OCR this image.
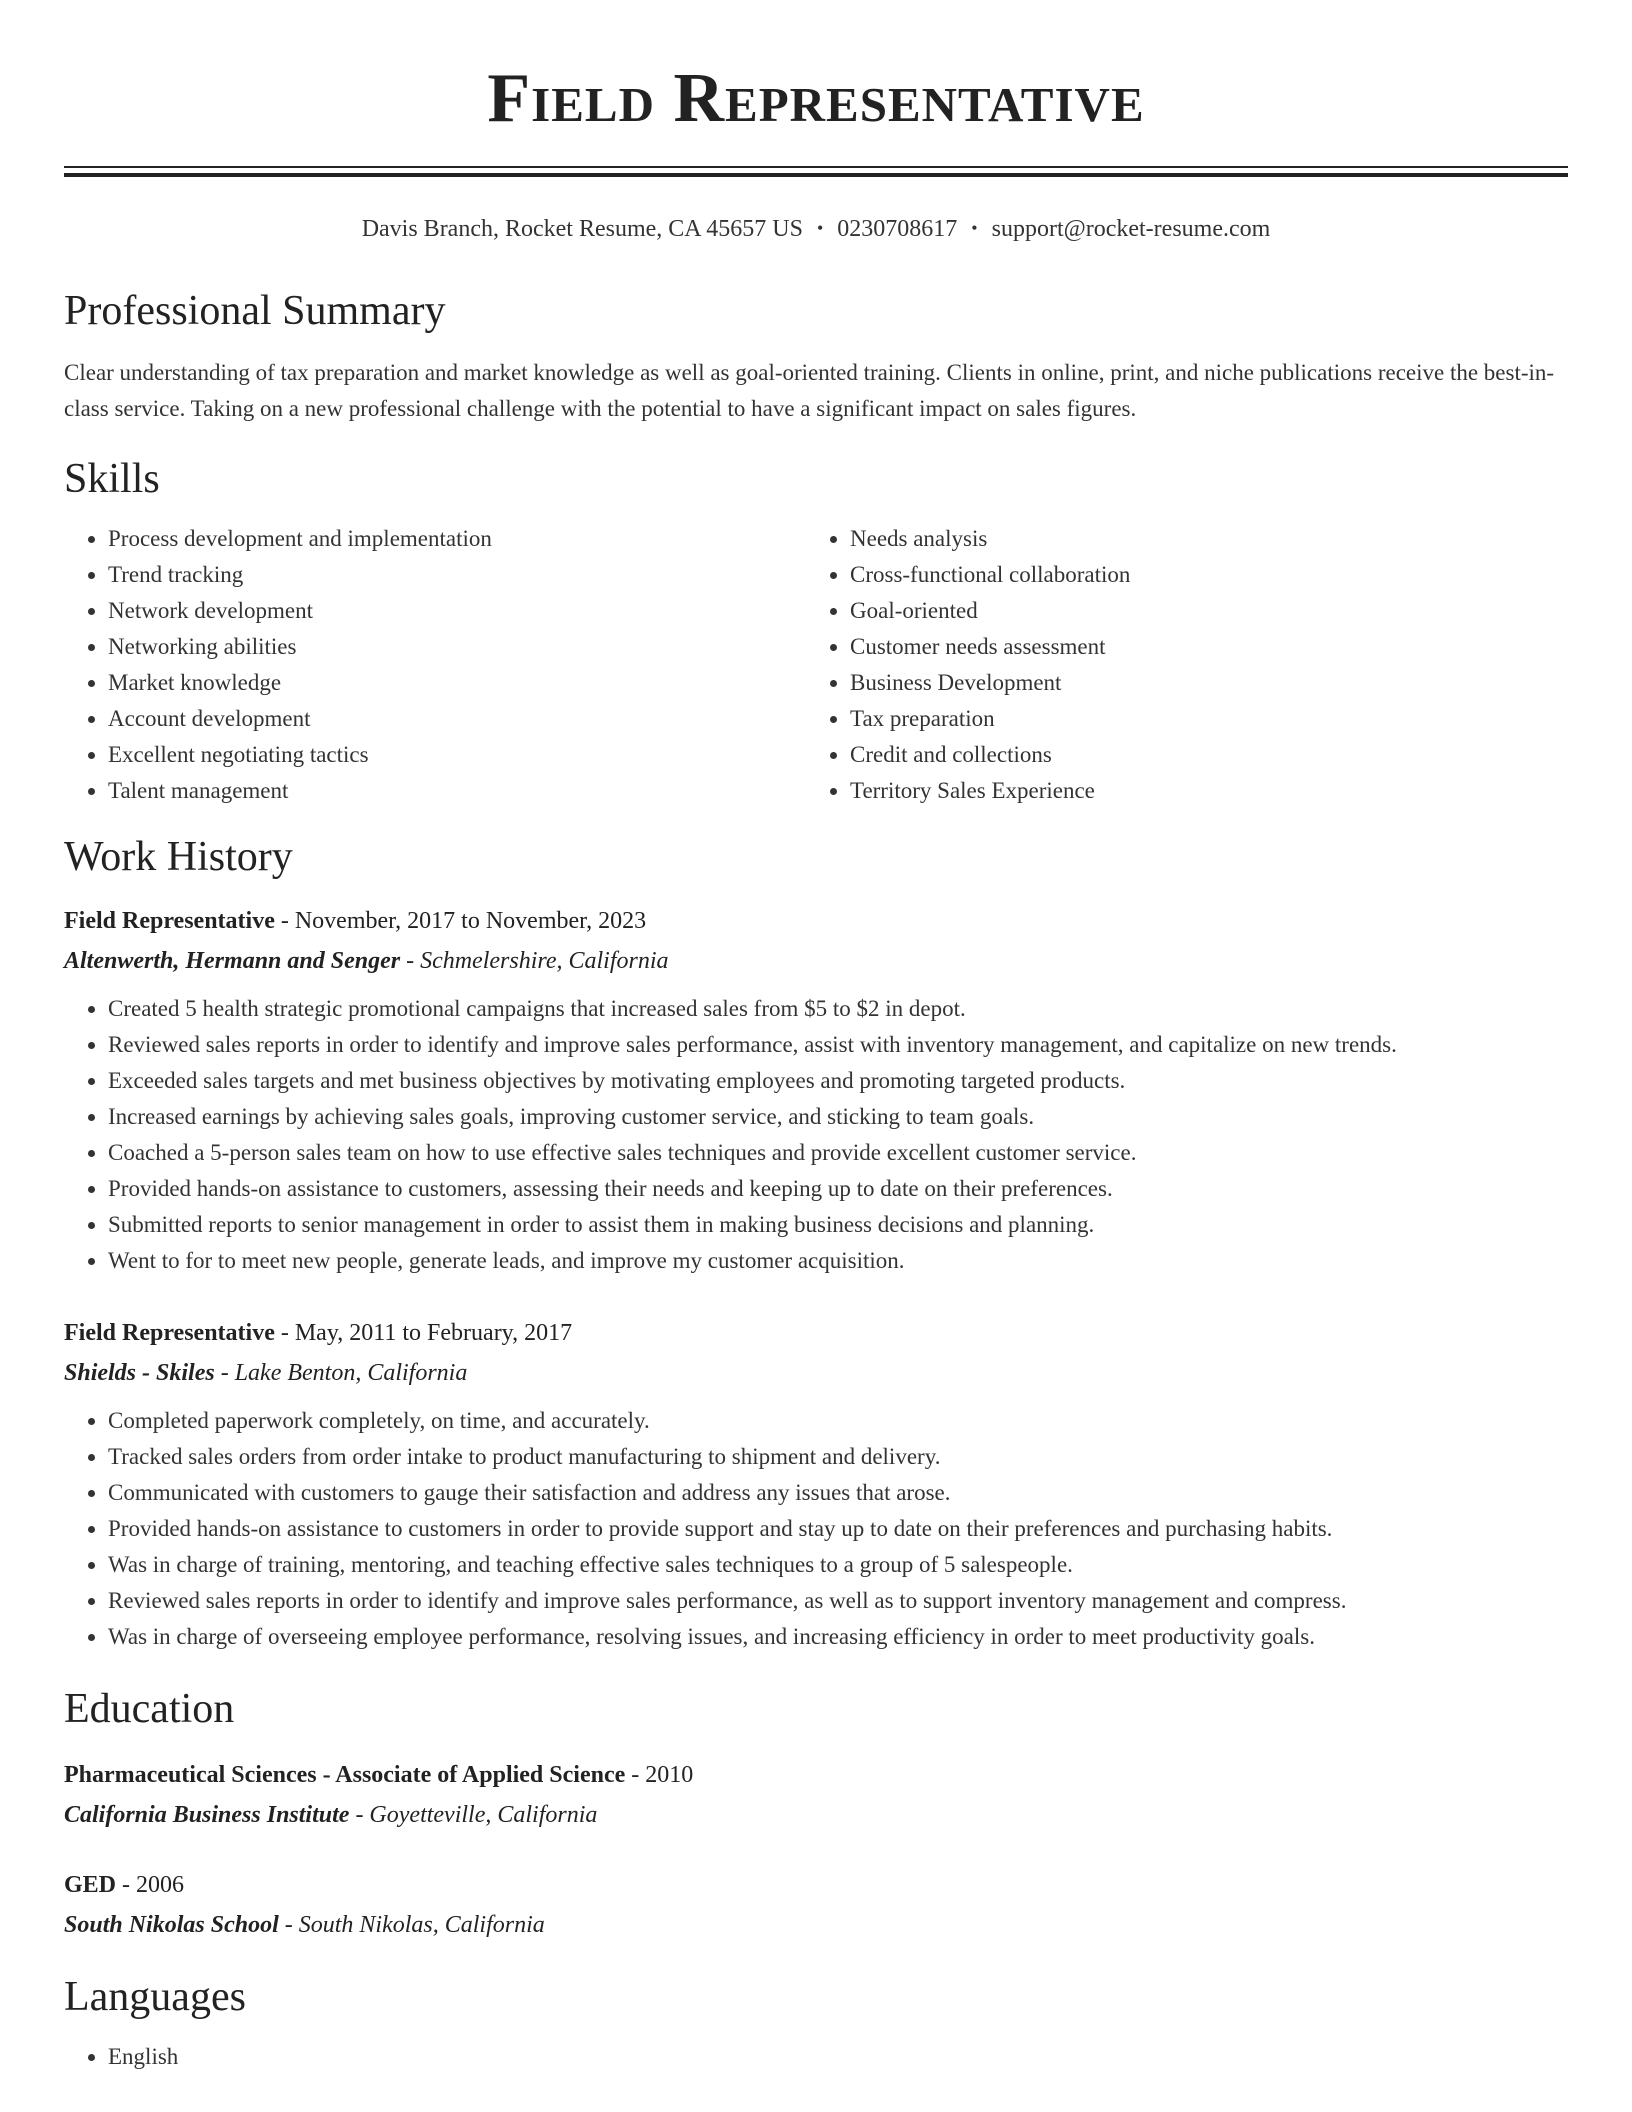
Field Representative
Davis Branch, Rocket Resume, CA 45657 US • 0230708617 • support@rocket-resume.com
Professional Summary
Clear understanding of tax preparation and market knowledge as well as goal-oriented training. Clients in online, print, and niche publications receive the best-in-class service. Taking on a new professional challenge with the potential to have a significant impact on sales figures.
Skills
• Process development and implementation
• Trend tracking
• Network development
• Networking abilities
• Market knowledge
• Account development
• Excellent negotiating tactics
• Talent management
• Needs analysis
• Cross-functional collaboration
• Goal-oriented
• Customer needs assessment
• Business Development
• Tax preparation
• Credit and collections
• Territory Sales Experience
Work History
Field Representative - November, 2017 to November, 2023
Altenwerth, Hermann and Senger - Schmelershire, California
• Created 5 health strategic promotional campaigns that increased sales from $5 to $2 in depot.
• Reviewed sales reports in order to identify and improve sales performance, assist with inventory management, and capitalize on new trends.
• Exceeded sales targets and met business objectives by motivating employees and promoting targeted products.
• Increased earnings by achieving sales goals, improving customer service, and sticking to team goals.
• Coached a 5-person sales team on how to use effective sales techniques and provide excellent customer service.
• Provided hands-on assistance to customers, assessing their needs and keeping up to date on their preferences.
• Submitted reports to senior management in order to assist them in making business decisions and planning.
• Went to for to meet new people, generate leads, and improve my customer acquisition.
Field Representative - May, 2011 to February, 2017
Shields - Skiles - Lake Benton, California
• Completed paperwork completely, on time, and accurately.
• Tracked sales orders from order intake to product manufacturing to shipment and delivery.
• Communicated with customers to gauge their satisfaction and address any issues that arose.
• Provided hands-on assistance to customers in order to provide support and stay up to date on their preferences and purchasing habits.
• Was in charge of training, mentoring, and teaching effective sales techniques to a group of 5 salespeople.
• Reviewed sales reports in order to identify and improve sales performance, as well as to support inventory management and compress.
• Was in charge of overseeing employee performance, resolving issues, and increasing efficiency in order to meet productivity goals.
Education
Pharmaceutical Sciences - Associate of Applied Science - 2010
California Business Institute - Goyetteville, California
GED - 2006
South Nikolas School - South Nikolas, California
Languages
• English
